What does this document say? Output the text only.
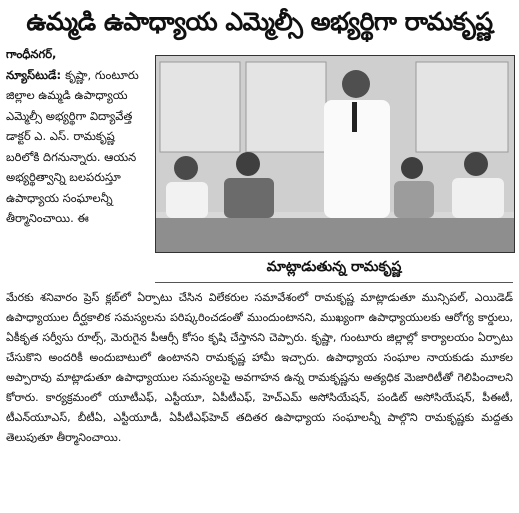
ఉమ్మడి ఉపాధ్యాయ ఎమ్మెల్సీ అభ్యర్థిగా రామకృష్ణ
గాంధీనగర్,
న్యూస్‌టుడే: కృష్ణా, గుంటూరు జిల్లాల ఉమ్మడి ఉపాధ్యాయ ఎమ్మెల్సీ అభ్యర్థిగా విద్యావేత్త డాక్టర్ ఎ. ఎస్. రామకృష్ణ బరిలోకి దిగనున్నారు. ఆయన అభ్యర్థిత్వాన్ని బలపరుస్తూ ఉపాధ్యాయ సంఘాలన్నీ తీర్మానించాయి. ఈ
మాట్లాడుతున్న రామకృష్ణ
మేరకు శనివారం ప్రెస్ క్లబ్‌లో ఏర్పాటు చేసిన విలేకరుల సమావేశంలో రామకృష్ణ మాట్లాడుతూ మున్సిపల్, ఎయిడెడ్ ఉపాధ్యాయుల దీర్ఘకాలిక సమస్యలను పరిష్కరించడంతో ముందుంటానని, ముఖ్యంగా ఉపాధ్యాయులకు ఆరోగ్య కార్డులు, ఏకీకృత సర్వీసు రూల్స్, మెరుగైన పీఆర్సీ కోసం కృషి చేస్తానని చెప్పారు. కృష్ణా, గుంటూరు జిల్లాల్లో కార్యాలయం ఏర్పాటు చేసుకొని అందరికీ అందుబాటులో ఉంటానని రామకృష్ణ హామీ ఇచ్చారు. ఉపాధ్యాయ సంఘాల నాయకుడు మూకల అప్పారావు మాట్లాడుతూ ఉపాధ్యాయుల సమస్యలపై అవగాహన ఉన్న రామకృష్ణను అత్యధిక మెజారిటీతో గెలిపించాలని కోరారు. కార్యక్రమంలో యూటీఎఫ్, ఎస్టీయూ, ఏపీటీఎఫ్, హెచ్ఎమ్ అసోసియేషన్, పండిట్ అసోసియేషన్, పీఈటీ, టీఎన్‌యూఎస్, బీటీఏ, ఎస్టీయూడీ, ఏపీటీఎఫ్‌హెచ్ తదితర ఉపాధ్యాయ సంఘాలన్నీ పాల్గొని రామకృష్ణకు మద్దతు తెలుపుతూ తీర్మానించాయి.
